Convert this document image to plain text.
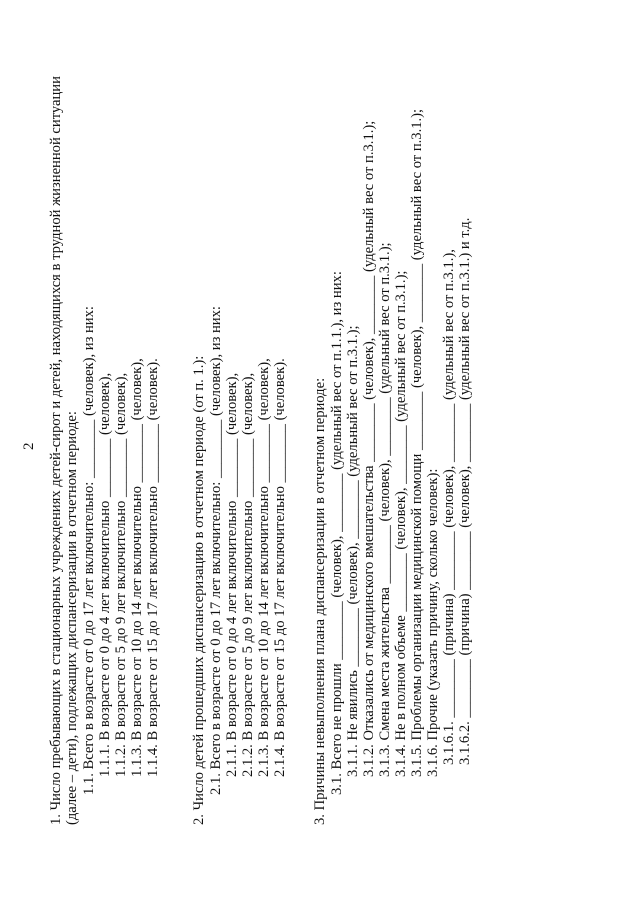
2 1. Число пребывающих в стационарных учреждениях детей-сирот и детей, находящихся в трудной жизненной ситуации (далее – дети), подлежащих диспансеризации в отчетном периоде: 1.1. Всего в возрасте от 0 до 17 лет включительно: ________ (человек), из них: 1.1.1. В возрасте от 0 до 4 лет включительно ________ (человек), 1.1.2. В возрасте от 5 до 9 лет включительно ________ (человек), 1.1.3. В возрасте от 10 до 14 лет включительно ________ (человек), 1.1.4. В возрасте от 15 до 17 лет включительно ________ (человек). 2. Число детей прошедших диспансеризацию в отчетном периоде (от п. 1.): 2.1. Всего в возрасте от 0 до 17 лет включительно: ________ (человек), из них: 2.1.1. В возрасте от 0 до 4 лет включительно ________ (человек), 2.1.2. В возрасте от 5 до 9 лет включительно ________ (человек), 2.1.3. В возрасте от 10 до 14 лет включительно ________ (человек), 2.1.4. В возрасте от 15 до 17 лет включительно ________ (человек). 3. Причины невыполнения плана диспансеризации в отчетном периоде: 3.1. Всего не прошли ________ (человек), ________ (удельный вес от п.1.1.), из них: 3.1.1. Не явились ________ (человек), ________ (удельный вес от п.3.1.); 3.1.2. Отказались от медицинского вмешательства ________ (человек), ________ (удельный вес от п.3.1.); 3.1.3. Смена места жительства ________ (человек), ________ (удельный вес от п.3.1.); 3.1.4. Не в полном объеме ________ (человек), ________ (удельный вес от п.3.1.); 3.1.5. Проблемы организации медицинской помощи ________ (человек), ________ (удельный вес от п.3.1.); 3.1.6. Прочие (указать причину, сколько человек): 3.1.6.1. ________ (причина) ________ (человек), ________ (удельный вес от п.3.1.), 3.1.6.2. ________ (причина) ________ (человек), ________ (удельный вес от п.3.1.) и т.д.
